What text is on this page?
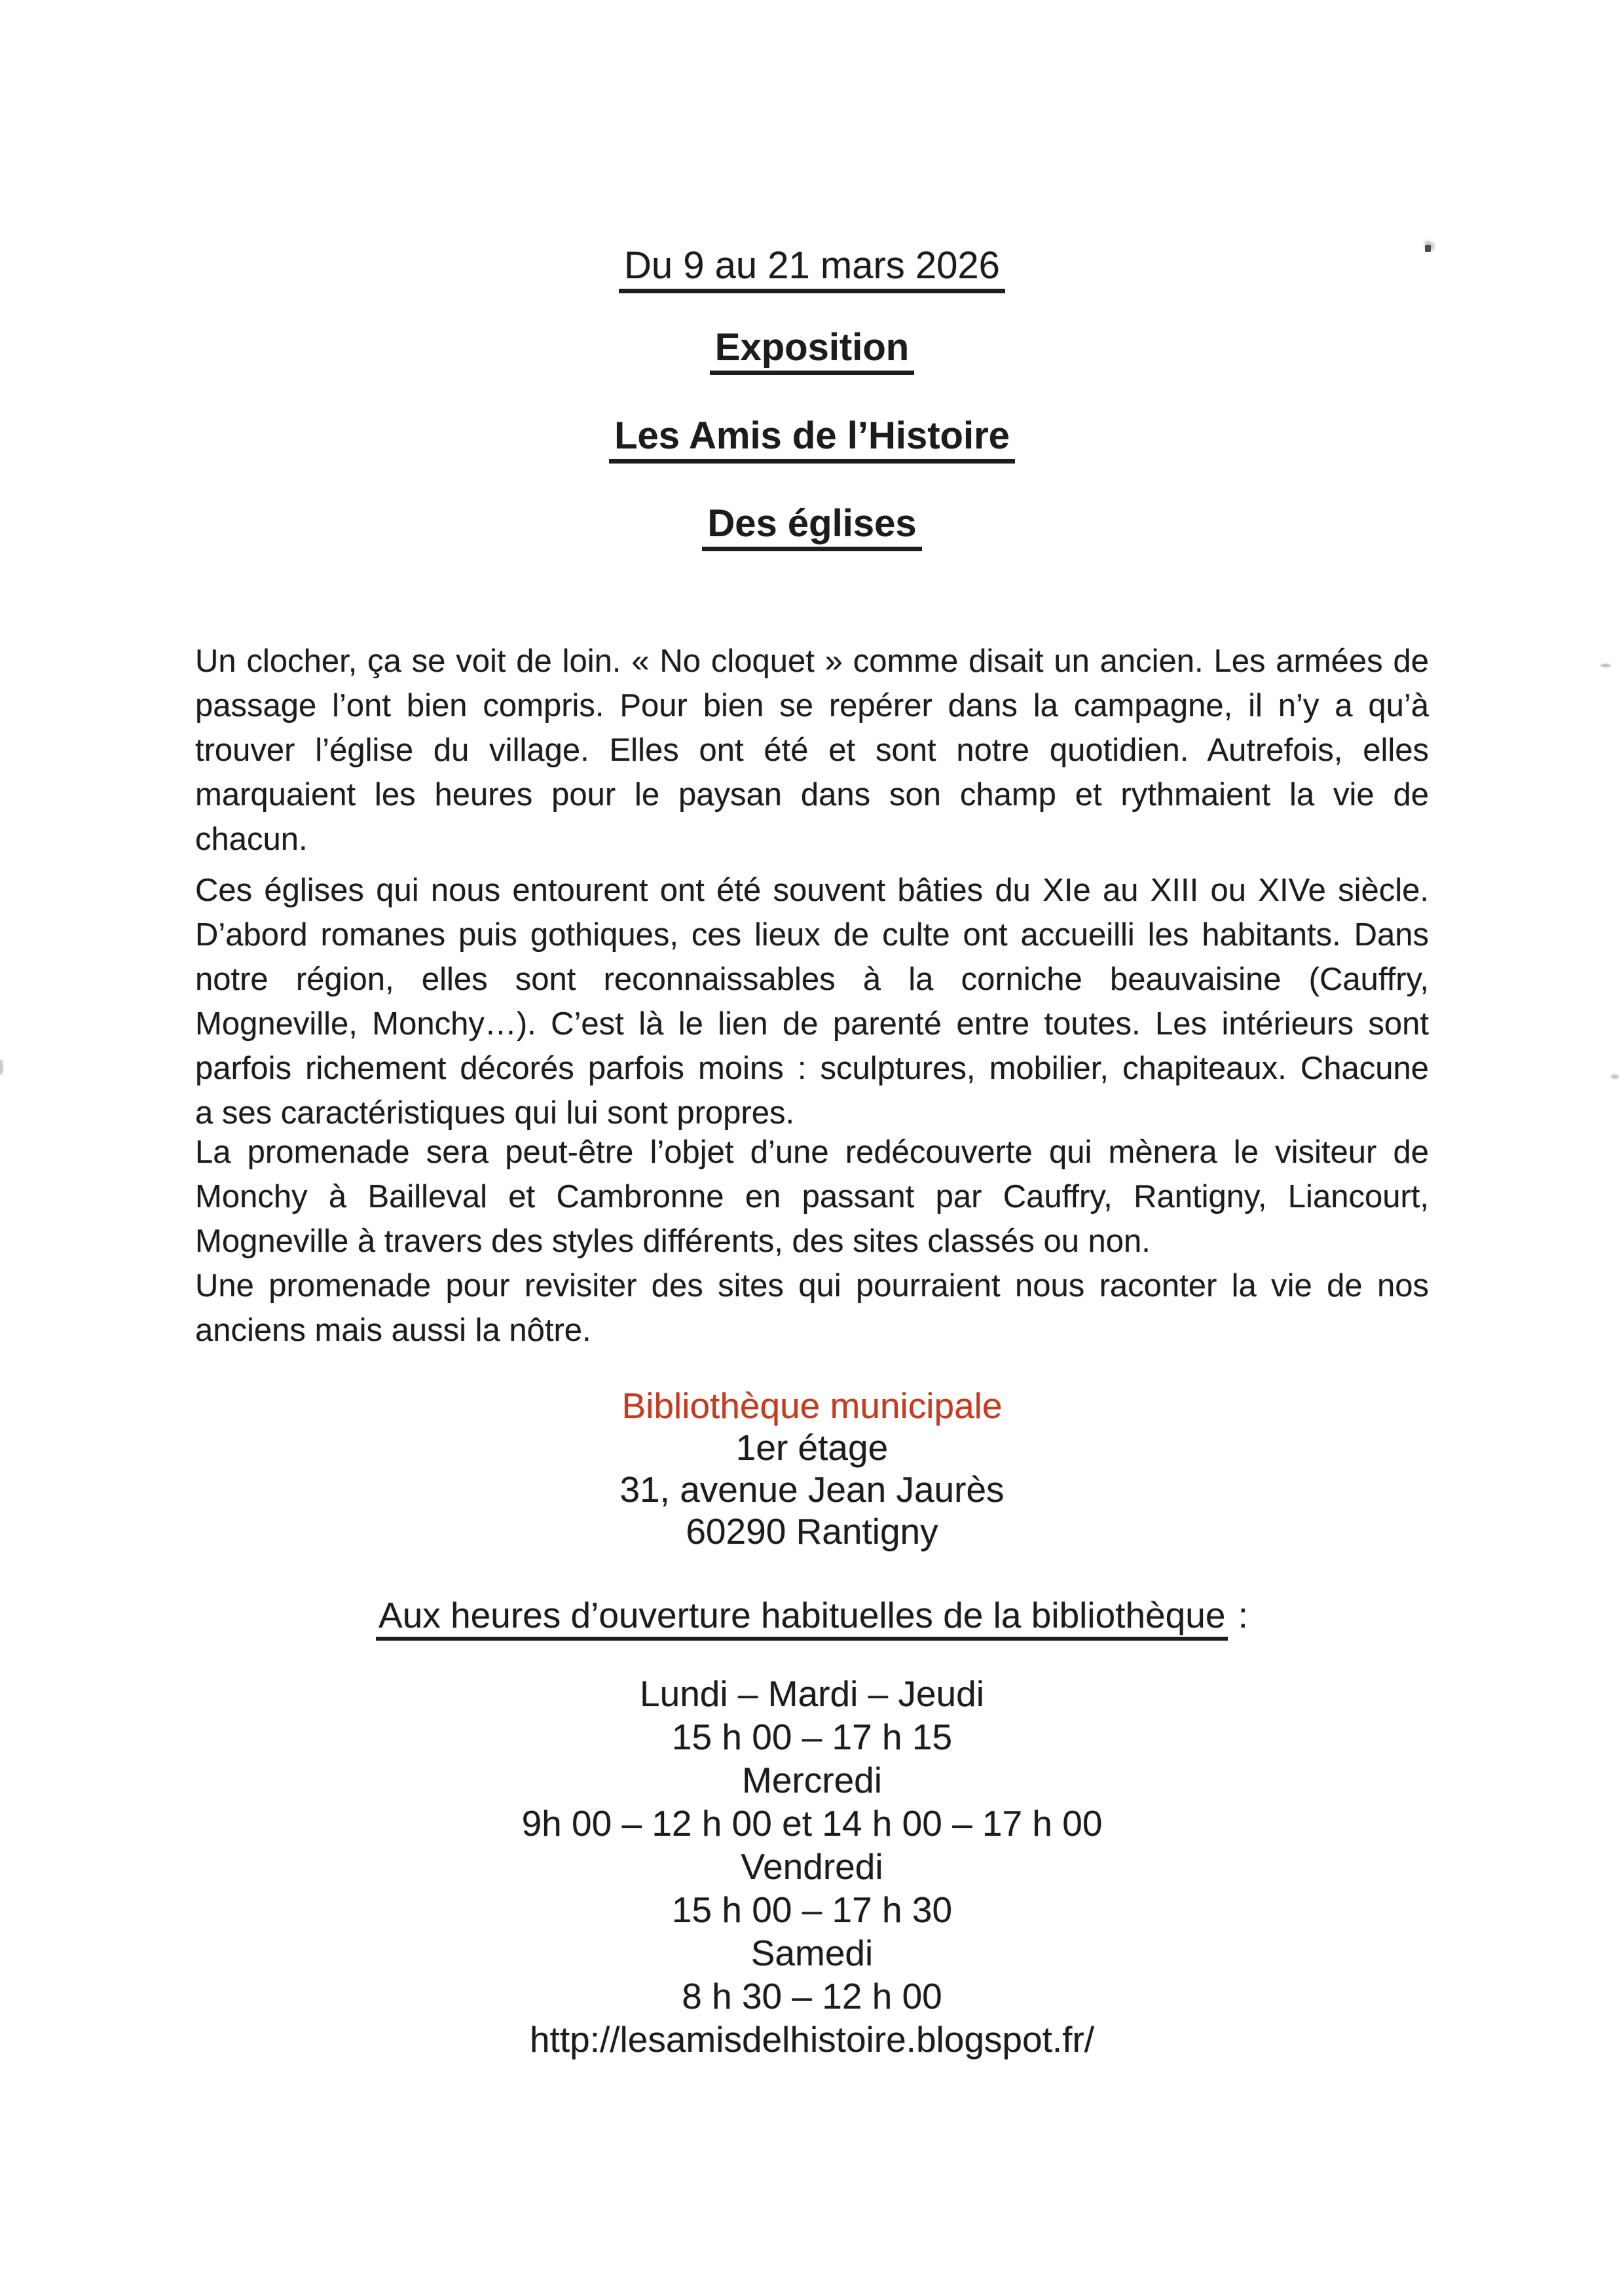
Du 9 au 21 mars 2026
Exposition
Les Amis de l’Histoire
Des églises
Un clocher, ça se voit de loin. « No cloquet » comme disait un ancien. Les armées de
passage l’ont bien compris. Pour bien se repérer dans la campagne, il n’y a qu’à
trouver l’église du village. Elles ont été et sont notre quotidien. Autrefois, elles
marquaient les heures pour le paysan dans son champ et rythmaient la vie de
chacun.
Ces églises qui nous entourent ont été souvent bâties du XIe au XIII ou XIVe siècle.
D’abord romanes puis gothiques, ces lieux de culte ont accueilli les habitants. Dans
notre région, elles sont reconnaissables à la corniche beauvaisine (Cauffry,
Mogneville, Monchy…). C’est là le lien de parenté entre toutes. Les intérieurs sont
parfois richement décorés parfois moins : sculptures, mobilier, chapiteaux. Chacune
a ses caractéristiques qui lui sont propres.
La promenade sera peut-être l’objet d’une redécouverte qui mènera le visiteur de
Monchy à Bailleval et Cambronne en passant par Cauffry, Rantigny, Liancourt,
Mogneville à travers des styles différents, des sites classés ou non.
Une promenade pour revisiter des sites qui pourraient nous raconter la vie de nos
anciens mais aussi la nôtre.
Bibliothèque municipale
1er étage
31, avenue Jean Jaurès
60290 Rantigny
Aux heures d’ouverture habituelles de la bibliothèque :
Lundi – Mardi – Jeudi
15 h 00 – 17 h 15
Mercredi
9h 00 – 12 h 00 et 14 h 00 – 17 h 00
Vendredi
15 h 00 – 17 h 30
Samedi
8 h 30 – 12 h 00
http://lesamisdelhistoire.blogspot.fr/
